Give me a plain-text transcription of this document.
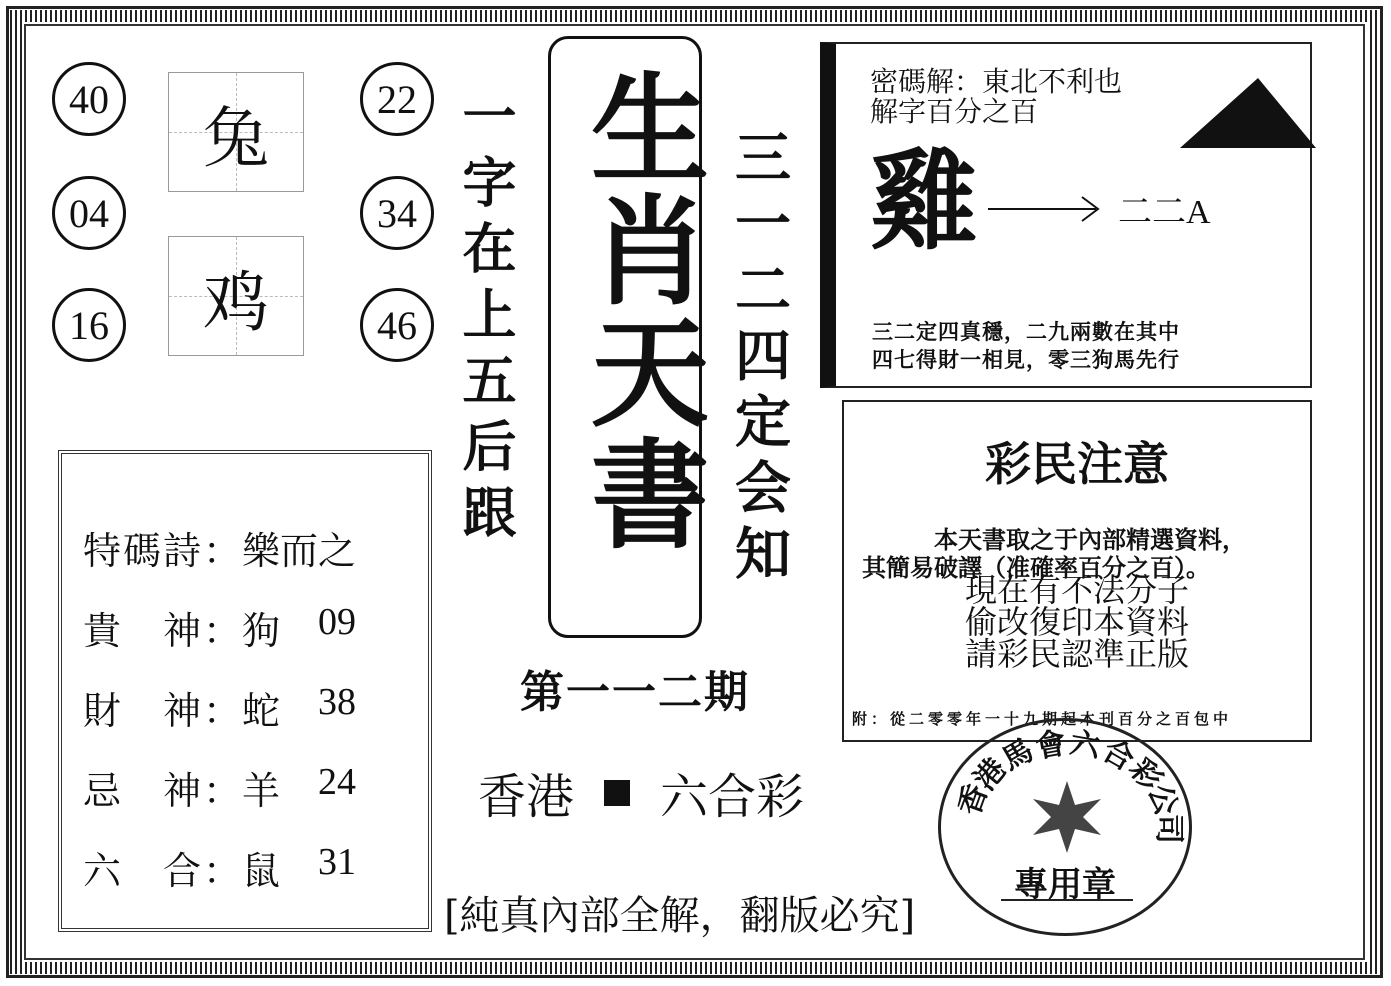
40
04
16
22
34
46
兔
鸡	一字在上五后跟	三一二四定会知
生肖天書
第一一二期
香港 六合彩
[純真內部全解，翻版必究]
特 碼 詩 ： 樂而之
貴 神 ： 狗 09
財 神 ： 蛇 38
忌 神 ： 羊 24
六 合 ： 鼠 31
密碼解：東北不利也
解字百分之百
雞	二二A
三二定四真穩，二九兩數在其中
四七得財一相見，零三狗馬先行
彩民注意
本天書取之于內部精選資料，
其簡易破譯（准確率百分之百）。
現在有不法分子
偷改復印本資料
請彩民認準正版
附：從二零零年一十九期起本刊百分之百包中
專用章
香
港
馬
會 六
合
彩
公
司
